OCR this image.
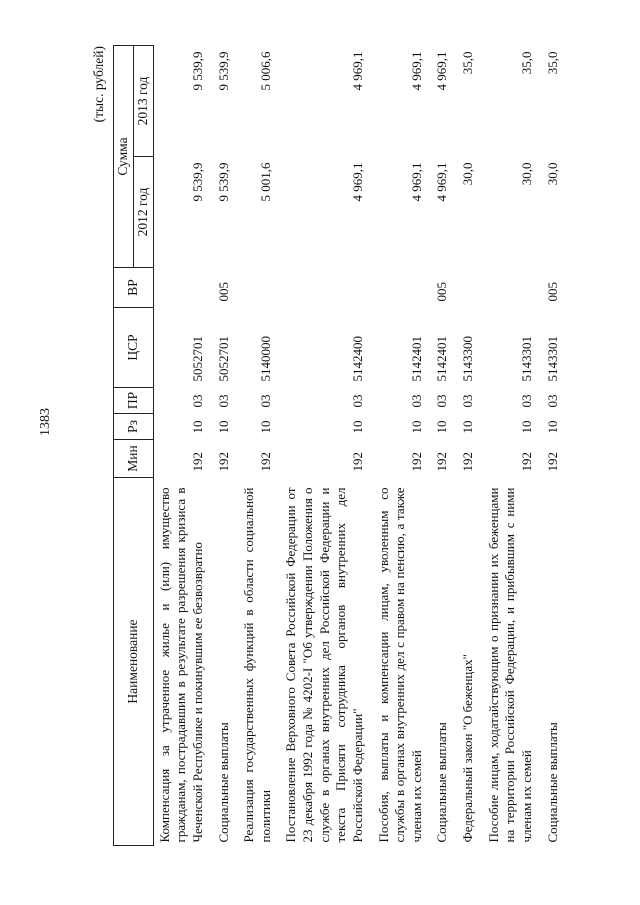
1383
(тыс. рублей)
Наименование	Мин	Рз	ПР	ЦСР	ВР	Сумма	
						2012 год	2013 год
Компенсация за утраченное жилье и (или) имущество гражданам, пострадавшим в результате разрешения кризиса в Чеченской Республике и покинувшим ее безвозвратно	192	10	03	5052701		9 539,9	9 539,9
Социальные выплаты	192	10	03	5052701	005	9 539,9	9 539,9
Реализация государственных функций в области социальной политики	192	10	03	5140000		5 001,6	5 006,6
Постановление Верховного Совета Российской Федерации от 23 декабря 1992 года № 4202-I "Об утверждении Положения о службе в органах внутренних дел Российской Федерации и текста Присяги сотрудника органов внутренних дел Российской Федерации"	192	10	03	5142400		4 969,1	4 969,1
Пособия, выплаты и компенсации лицам, уволенным со службы в органах внутренних дел с правом на пенсию, а также членам их семей	192	10	03	5142401		4 969,1	4 969,1
Социальные выплаты	192	10	03	5142401	005	4 969,1	4 969,1
Федеральный закон "О беженцах"	192	10	03	5143300		30,0	35,0
Пособие лицам, ходатайствующим о признании их беженцами на территории Российской Федерации, и прибывшим с ними членам их семей	192	10	03	5143301		30,0	35,0
Социальные выплаты	192	10	03	5143301	005	30,0	35,0
